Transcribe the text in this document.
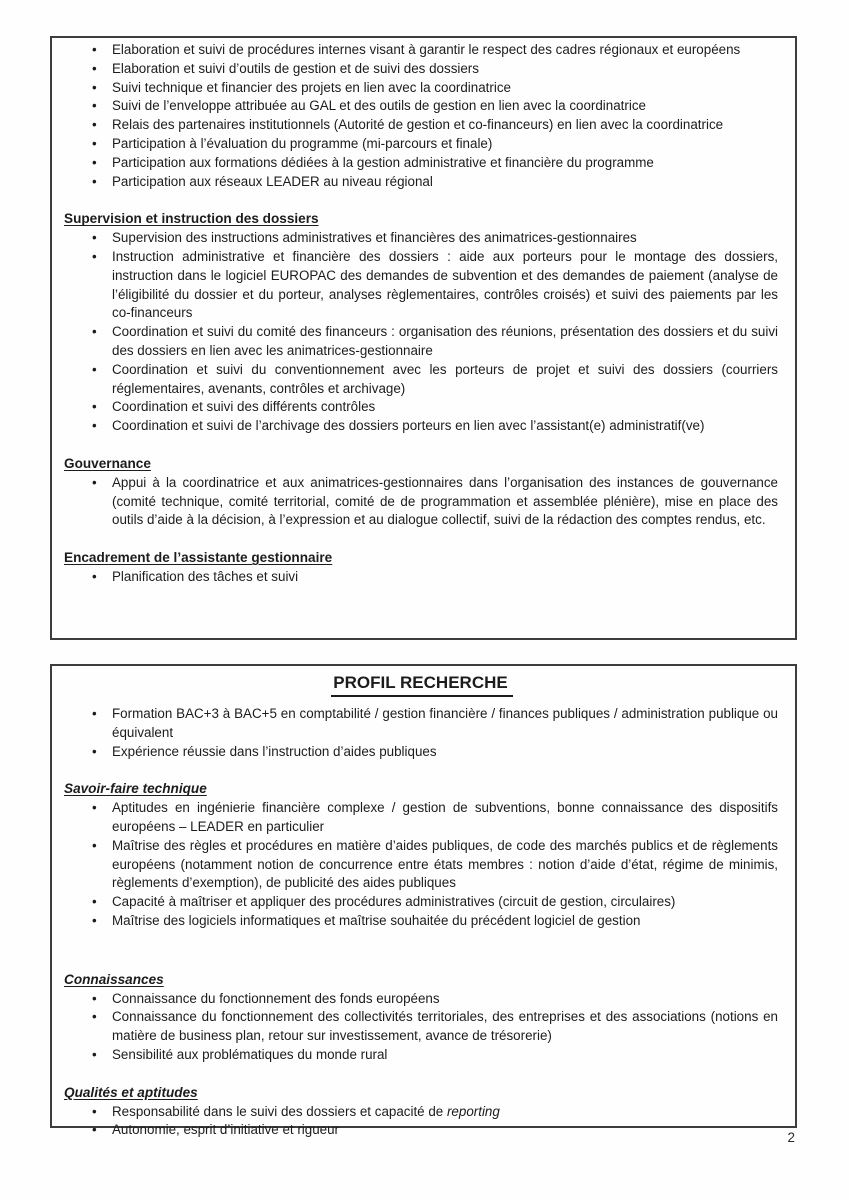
• Elaboration et suivi de procédures internes visant à garantir le respect des cadres régionaux et européens
• Elaboration et suivi d’outils de gestion et de suivi des dossiers
• Suivi technique et financier des projets en lien avec la coordinatrice
• Suivi de l’enveloppe attribuée au GAL et des outils de gestion en lien avec la coordinatrice
• Relais des partenaires institutionnels (Autorité de gestion et co-financeurs) en lien avec la coordinatrice
• Participation à l’évaluation du programme (mi-parcours et finale)
• Participation aux formations dédiées à la gestion administrative et financière du programme
• Participation aux réseaux LEADER au niveau régional
Supervision et instruction des dossiers
• Supervision des instructions administratives et financières des animatrices-gestionnaires
• Instruction administrative et financière des dossiers : aide aux porteurs pour le montage des dossiers, instruction dans le logiciel EUROPAC des demandes de subvention et des demandes de paiement (analyse de l’éligibilité du dossier et du porteur, analyses règlementaires, contrôles croisés) et suivi des paiements par les co-financeurs
• Coordination et suivi du comité des financeurs : organisation des réunions, présentation des dossiers et du suivi des dossiers en lien avec les animatrices-gestionnaire
• Coordination et suivi du conventionnement avec les porteurs de projet et suivi des dossiers (courriers réglementaires, avenants, contrôles et archivage)
• Coordination et suivi des différents contrôles
• Coordination et suivi de l’archivage des dossiers porteurs en lien avec l’assistant(e) administratif(ve)
Gouvernance
• Appui à la coordinatrice et aux animatrices-gestionnaires dans l’organisation des instances de gouvernance (comité technique, comité territorial, comité de de programmation et assemblée plénière), mise en place des outils d’aide à la décision, à l’expression et au dialogue collectif, suivi de la rédaction des comptes rendus, etc.
Encadrement de l’assistante gestionnaire
• Planification des tâches et suivi
PROFIL RECHERCHE
• Formation BAC+3 à BAC+5 en comptabilité / gestion financière / finances publiques / administration publique ou équivalent
• Expérience réussie dans l’instruction d’aides publiques
Savoir-faire technique
• Aptitudes en ingénierie financière complexe / gestion de subventions, bonne connaissance des dispositifs européens – LEADER en particulier
• Maîtrise des règles et procédures en matière d’aides publiques, de code des marchés publics et de règlements européens (notamment notion de concurrence entre états membres : notion d’aide d’état, régime de minimis, règlements d’exemption), de publicité des aides publiques
• Capacité à maîtriser et appliquer des procédures administratives (circuit de gestion, circulaires)
• Maîtrise des logiciels informatiques et maîtrise souhaitée du précédent logiciel de gestion
Connaissances
• Connaissance du fonctionnement des fonds européens
• Connaissance du fonctionnement des collectivités territoriales, des entreprises et des associations (notions en matière de business plan, retour sur investissement, avance de trésorerie)
• Sensibilité aux problématiques du monde rural
Qualités et aptitudes
• Responsabilité dans le suivi des dossiers et capacité de reporting
• Autonomie, esprit d’initiative et rigueur
2
